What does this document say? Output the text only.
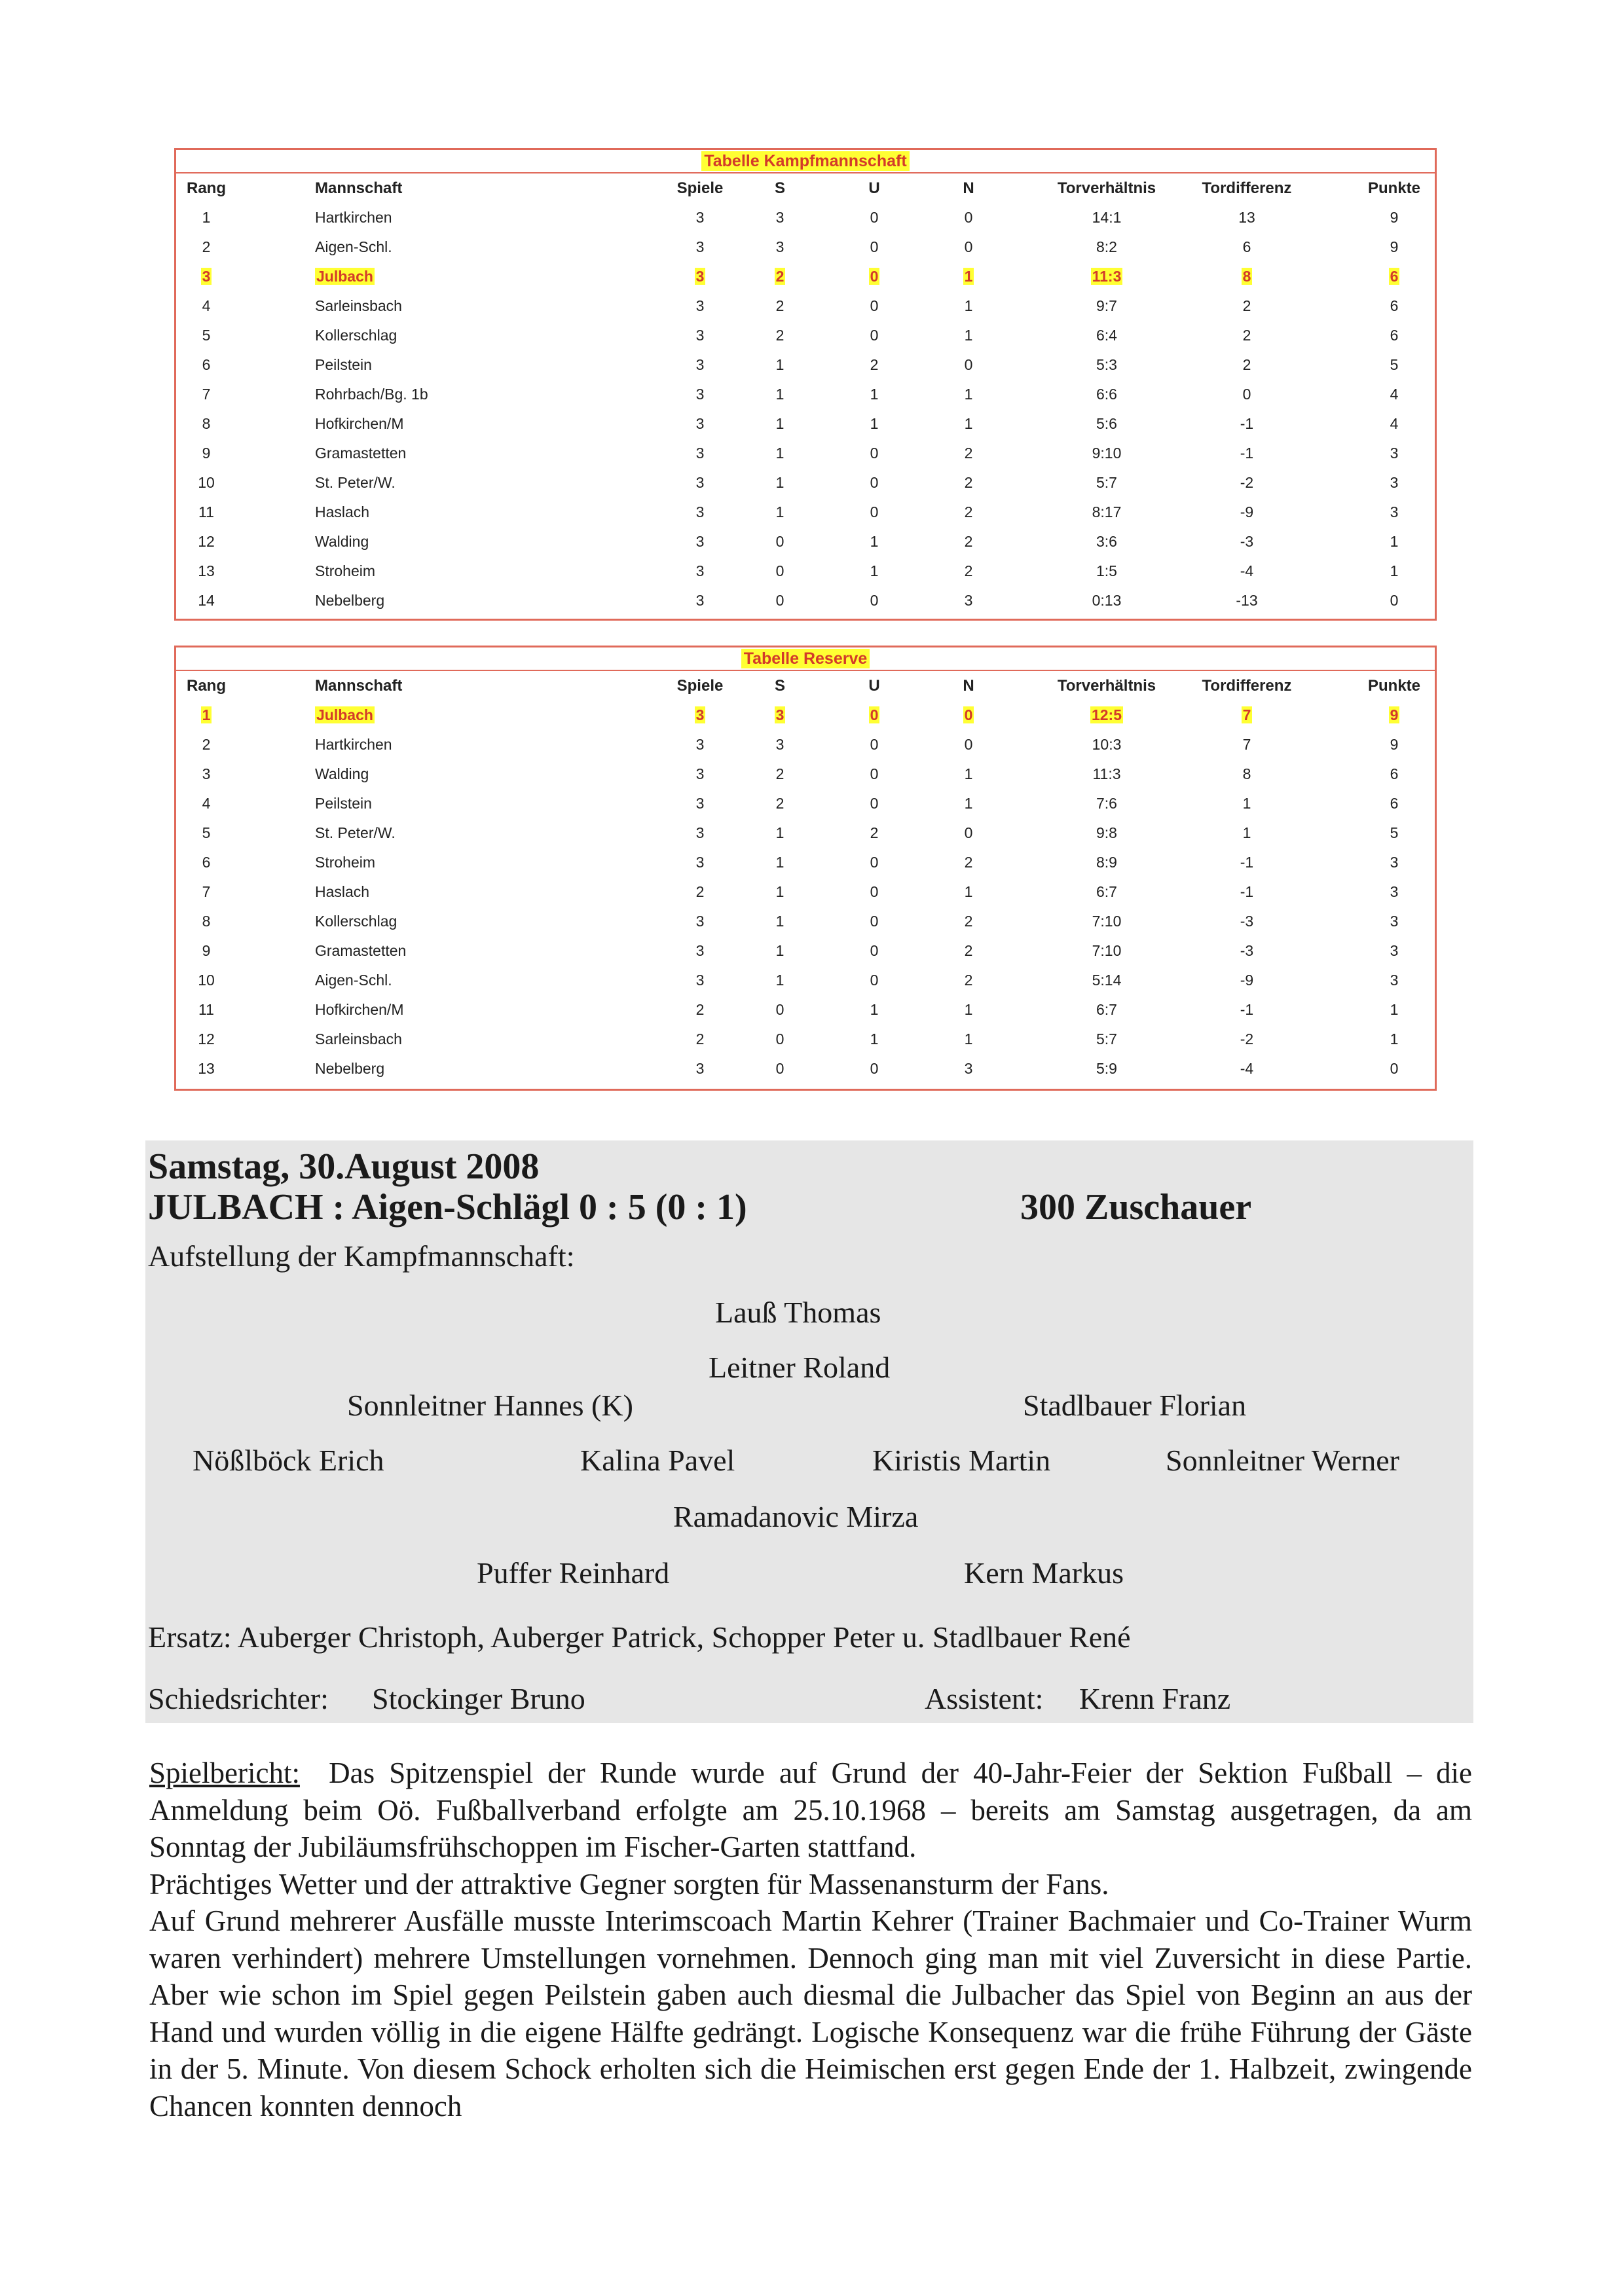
Tabelle Kampfmannschaft
Rang	Mannschaft	Spiele	S	U	N	Torverhältnis	Tordifferenz	Punkte
1	Hartkirchen	3	3	0	0	14:1	13	9
2	Aigen-Schl.	3	3	0	0	8:2	6	9
3	Julbach	3	2	0	1	11:3	8	6
4	Sarleinsbach	3	2	0	1	9:7	2	6
5	Kollerschlag	3	2	0	1	6:4	2	6
6	Peilstein	3	1	2	0	5:3	2	5
7	Rohrbach/Bg. 1b	3	1	1	1	6:6	0	4
8	Hofkirchen/M	3	1	1	1	5:6	-1	4
9	Gramastetten	3	1	0	2	9:10	-1	3
10	St. Peter/W.	3	1	0	2	5:7	-2	3
11	Haslach	3	1	0	2	8:17	-9	3
12	Walding	3	0	1	2	3:6	-3	1
13	Stroheim	3	0	1	2	1:5	-4	1
14	Nebelberg	3	0	0	3	0:13	-13	0
Tabelle Reserve
Rang	Mannschaft	Spiele	S	U	N	Torverhältnis	Tordifferenz	Punkte
1	Julbach	3	3	0	0	12:5	7	9
2	Hartkirchen	3	3	0	0	10:3	7	9
3	Walding	3	2	0	1	11:3	8	6
4	Peilstein	3	2	0	1	7:6	1	6
5	St. Peter/W.	3	1	2	0	9:8	1	5
6	Stroheim	3	1	0	2	8:9	-1	3
7	Haslach	2	1	0	1	6:7	-1	3
8	Kollerschlag	3	1	0	2	7:10	-3	3
9	Gramastetten	3	1	0	2	7:10	-3	3
10	Aigen-Schl.	3	1	0	2	5:14	-9	3
11	Hofkirchen/M	2	0	1	1	6:7	-1	1
12	Sarleinsbach	2	0	1	1	5:7	-2	1
13	Nebelberg	3	0	0	3	5:9	-4	0
Samstag, 30.August 2008
JULBACH : Aigen-Schlägl 0 : 5 (0 : 1)	300 Zuschauer
Aufstellung der Kampfmannschaft:
Lauß Thomas
Leitner Roland
Sonnleitner Hannes (K)	Stadlbauer Florian
Nößlböck Erich	Kalina Pavel	Kiristis Martin	Sonnleitner Werner
Ramadanovic Mirza
Puffer Reinhard	Kern Markus
Ersatz: Auberger Christoph, Auberger Patrick, Schopper Peter u. Stadlbauer René
Schiedsrichter: Stockinger Bruno	Assistent: Krenn Franz

Spielbericht: Das Spitzenspiel der Runde wurde auf Grund der 40-Jahr-Feier der Sektion Fußball – die Anmeldung beim Oö. Fußballverband erfolgte am 25.10.1968 – bereits am Samstag ausgetragen, da am Sonntag der Jubiläumsfrühschoppen im Fischer-Garten stattfand.

Prächtiges Wetter und der attraktive Gegner sorgten für Massenansturm der Fans.

Auf Grund mehrerer Ausfälle musste Interimscoach Martin Kehrer (Trainer Bachmaier und Co-Trainer Wurm waren verhindert) mehrere Umstellungen vornehmen. Dennoch ging man mit viel Zuversicht in diese Partie. Aber wie schon im Spiel gegen Peilstein gaben auch diesmal die Julbacher das Spiel von Beginn an aus der Hand und wurden völlig in die eigene Hälfte gedrängt. Logische Konsequenz war die frühe Führung der Gäste in der 5. Minute. Von diesem Schock erholten sich die Heimischen erst gegen Ende der 1. Halbzeit, zwingende Chancen konnten dennoch
